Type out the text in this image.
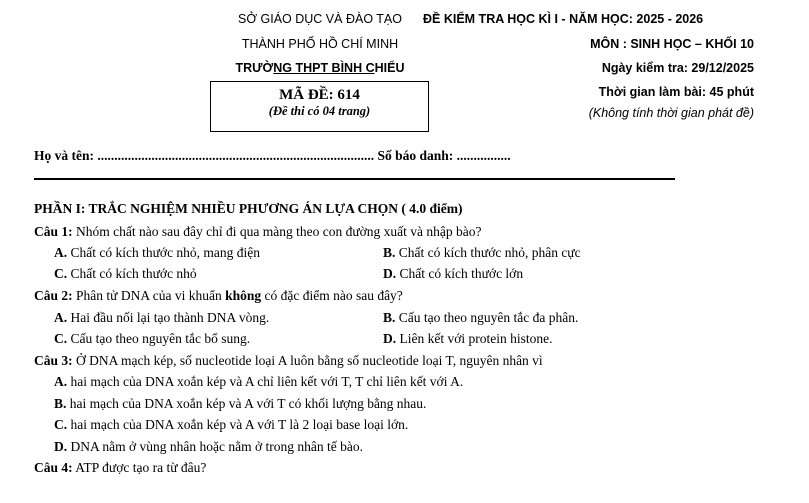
SỞ GIÁO DỤC VÀ ĐÀO TẠO
THÀNH PHỐ HỒ CHÍ MINH
TRƯỜNG THPT BÌNH CHIỂU
MÃ ĐỀ: 614
(Đề thi có 04 trang)
ĐỀ KIỂM TRA HỌC KÌ I - NĂM HỌC: 2025 - 2026
MÔN : SINH HỌC – KHỐI 10
Ngày kiểm tra: 29/12/2025
Thời gian làm bài: 45 phút
(Không tính thời gian phát đề)
Họ và tên: .................................................................................. Số báo danh: ................
PHẦN I: TRẮC NGHIỆM NHIỀU PHƯƠNG ÁN LỰA CHỌN ( 4.0 điểm)
Câu 1: Nhóm chất nào sau đây chỉ đi qua màng theo con đường xuất và nhập bào?
A. Chất có kích thước nhỏ, mang điện	B. Chất có kích thước nhỏ, phân cực
C. Chất có kích thước nhỏ	D. Chất có kích thước lớn
Câu 2: Phân tử DNA của vi khuẩn không có đặc điểm nào sau đây?
A. Hai đầu nối lại tạo thành DNA vòng.	B. Cấu tạo theo nguyên tắc đa phân.
C. Cấu tạo theo nguyên tắc bổ sung.	D. Liên kết với protein histone.
Câu 3: Ở DNA mạch kép, số nucleotide loại A luôn bằng số nucleotide loại T, nguyên nhân vì
A. hai mạch của DNA xoắn kép và A chỉ liên kết với T, T chỉ liên kết với A.
B. hai mạch của DNA xoắn kép và A với T có khối lượng bằng nhau.
C. hai mạch của DNA xoắn kép và A với T là 2 loại base loại lớn.
D. DNA nằm ở vùng nhân hoặc nằm ở trong nhân tế bào.
Câu 4: ATP được tạo ra từ đâu?
